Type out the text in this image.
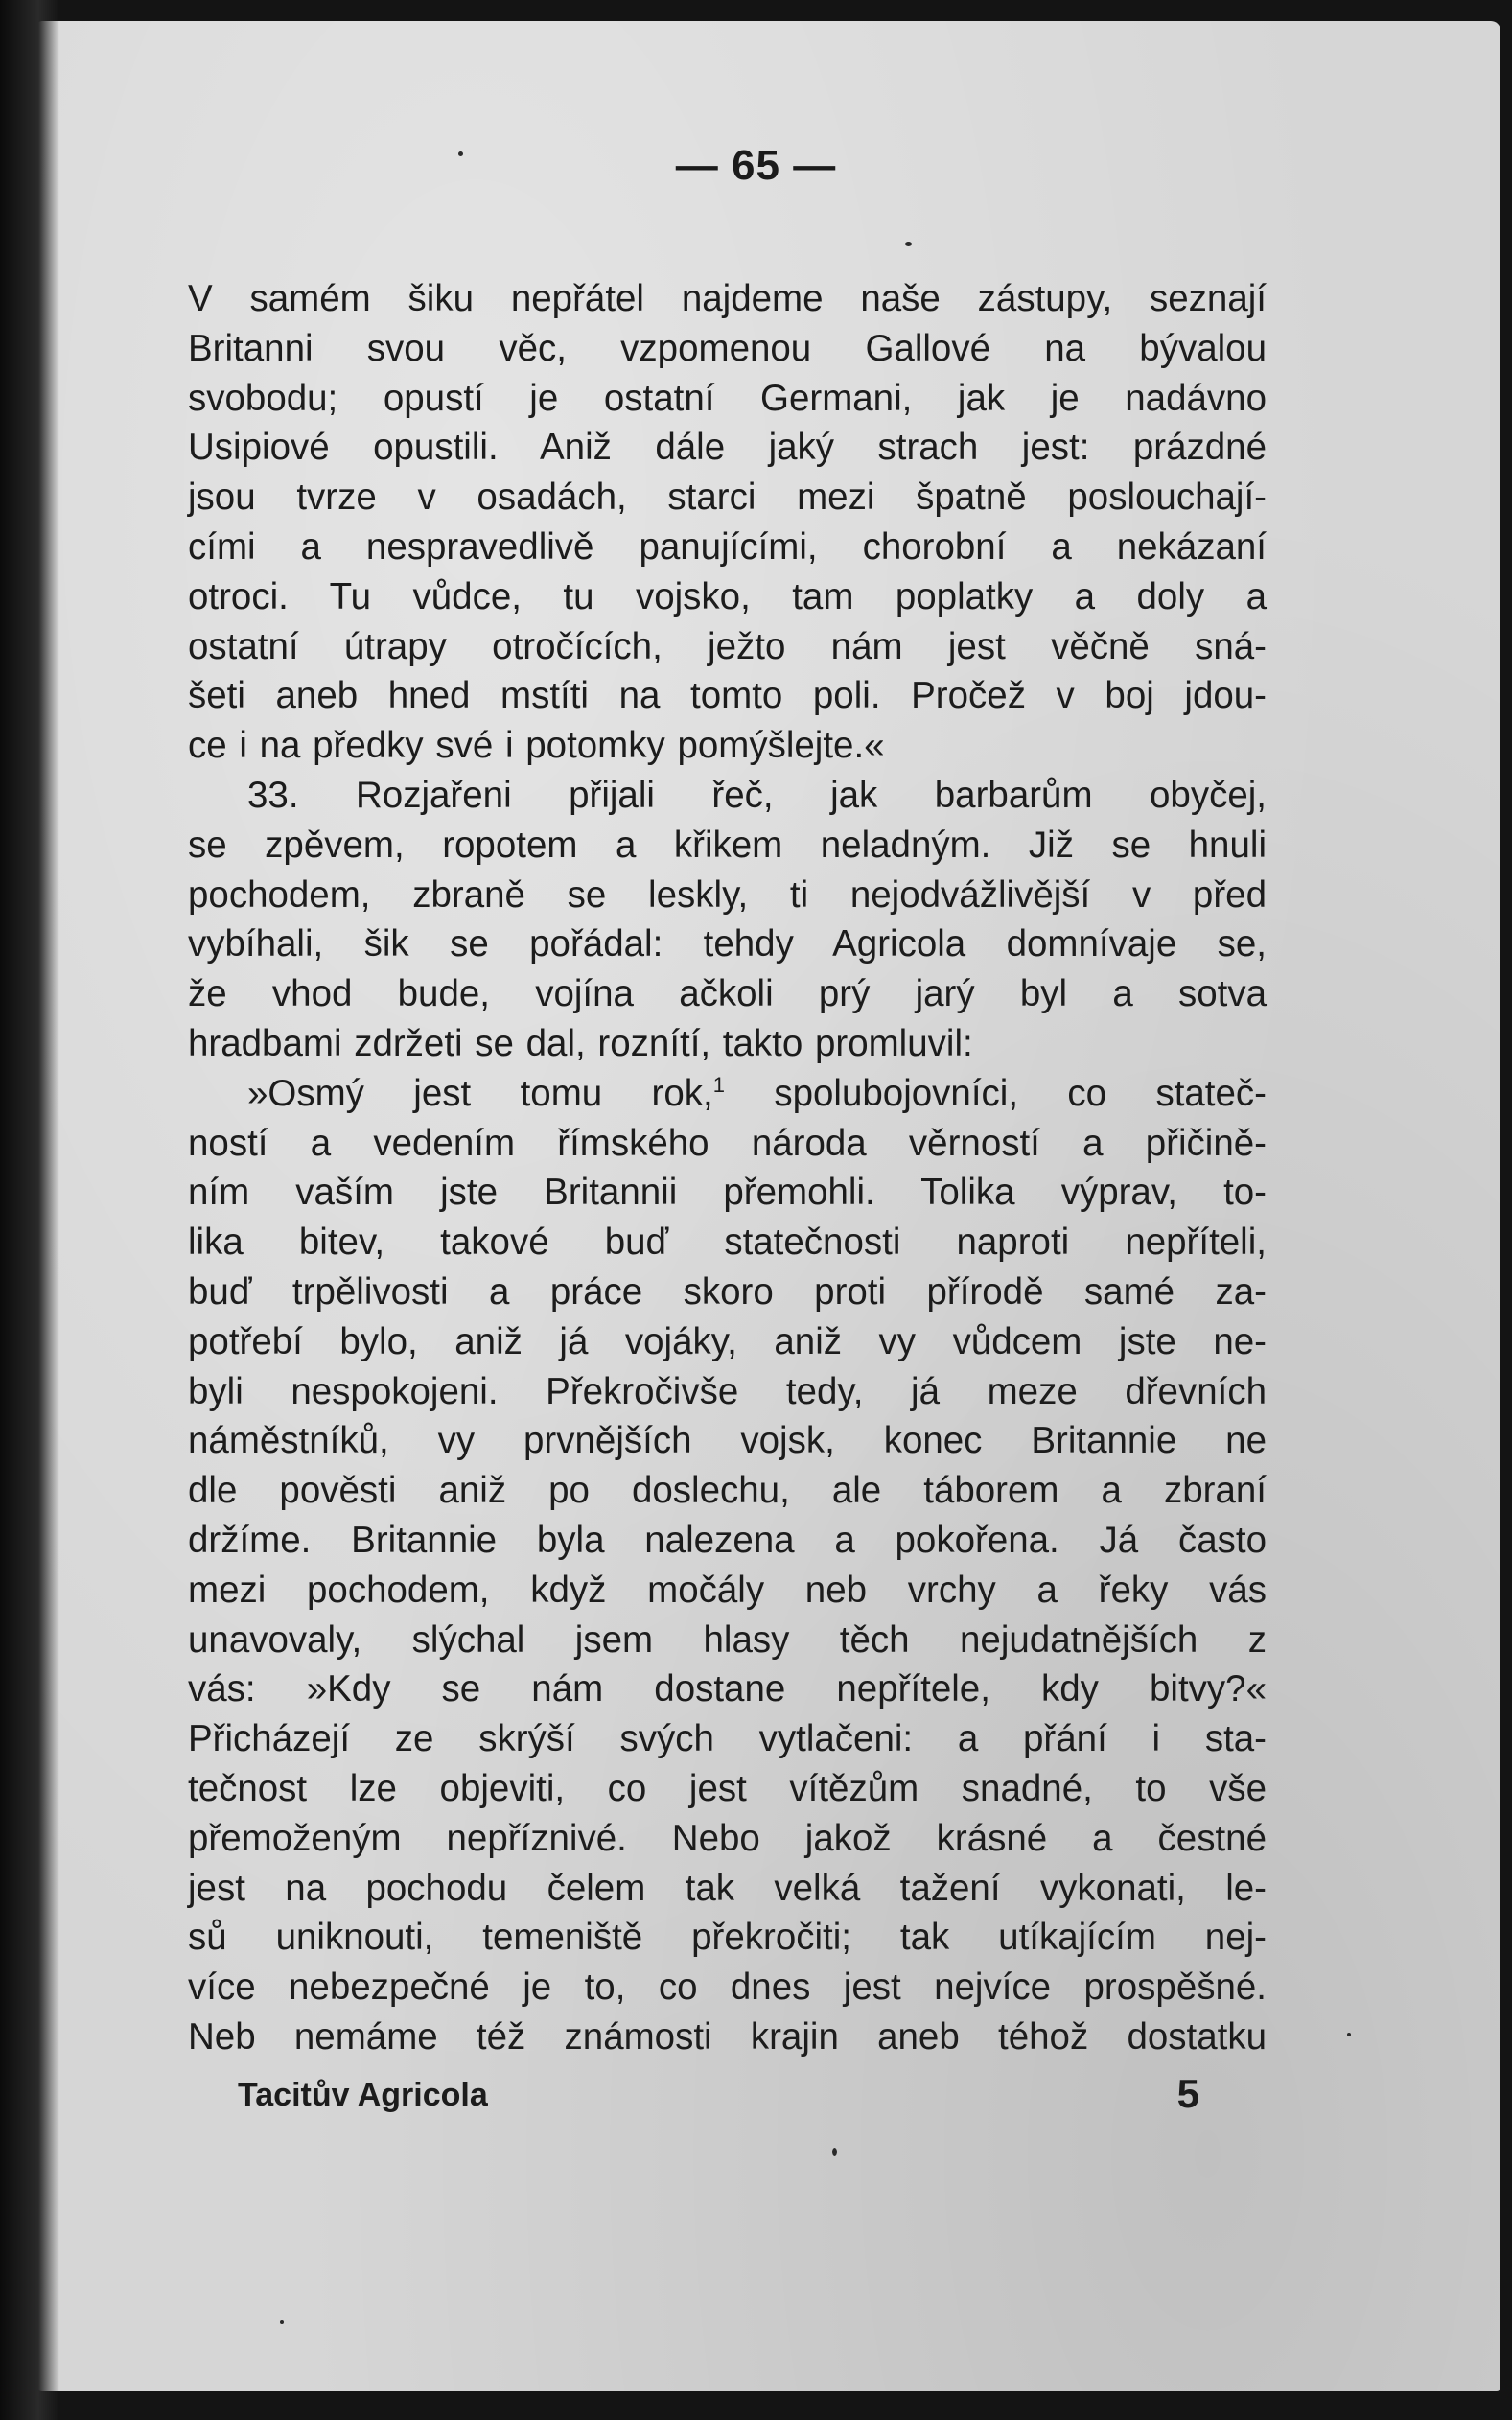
— 65 —
V samém šiku nepřátel najdeme naše zástupy, seznají
Britanni svou věc, vzpomenou Gallové na bývalou
svobodu; opustí je ostatní Germani, jak je nadávno
Usipiové opustili. Aniž dále jaký strach jest: prázdné
jsou tvrze v osadách, starci mezi špatně poslouchají-
cími a nespravedlivě panujícími, chorobní a nekázaní
otroci. Tu vůdce, tu vojsko, tam poplatky a doly a
ostatní útrapy otročících, ježto nám jest věčně sná-
šeti aneb hned mstíti na tomto poli. Pročež v boj jdou-
ce i na předky své i potomky pomýšlejte.«
33. Rozjařeni přijali řeč, jak barbarům obyčej,
se zpěvem, ropotem a křikem neladným. Již se hnuli
pochodem, zbraně se leskly, ti nejodvážlivější v před
vybíhali, šik se pořádal: tehdy Agricola domnívaje se,
že vhod bude, vojína ačkoli prý jarý byl a sotva
hradbami zdržeti se dal, roznítí, takto promluvil:
»Osmý jest tomu rok,$^1$ spolubojovníci, co stateč-
ností a vedením římského národa věrností a přičině-
ním vaším jste Britannii přemohli. Tolika výprav, to-
lika bitev, takové buď statečnosti naproti nepříteli,
buď trpělivosti a práce skoro proti přírodě samé za-
potřebí bylo, aniž já vojáky, aniž vy vůdcem jste ne-
byli nespokojeni. Překročivše tedy, já meze dřevních
náměstníků, vy prvnějších vojsk, konec Britannie ne
dle pověsti aniž po doslechu, ale táborem a zbraní
držíme. Britannie byla nalezena a pokořena. Já často
mezi pochodem, když močály neb vrchy a řeky vás
unavovaly, slýchal jsem hlasy těch nejudatnějších z
vás: »Kdy se nám dostane nepřítele, kdy bitvy?«
Přicházejí ze skrýší svých vytlačeni: a přání i sta-
tečnost lze objeviti, co jest vítězům snadné, to vše
přemoženým nepříznivé. Nebo jakož krásné a čestné
jest na pochodu čelem tak velká tažení vykonati, le-
sů uniknouti, temeniště překročiti; tak utíkajícím nej-
více nebezpečné je to, co dnes jest nejvíce prospěšné.
Neb nemáme též známosti krajin aneb téhož dostatku
Tacitův Agricola	5
